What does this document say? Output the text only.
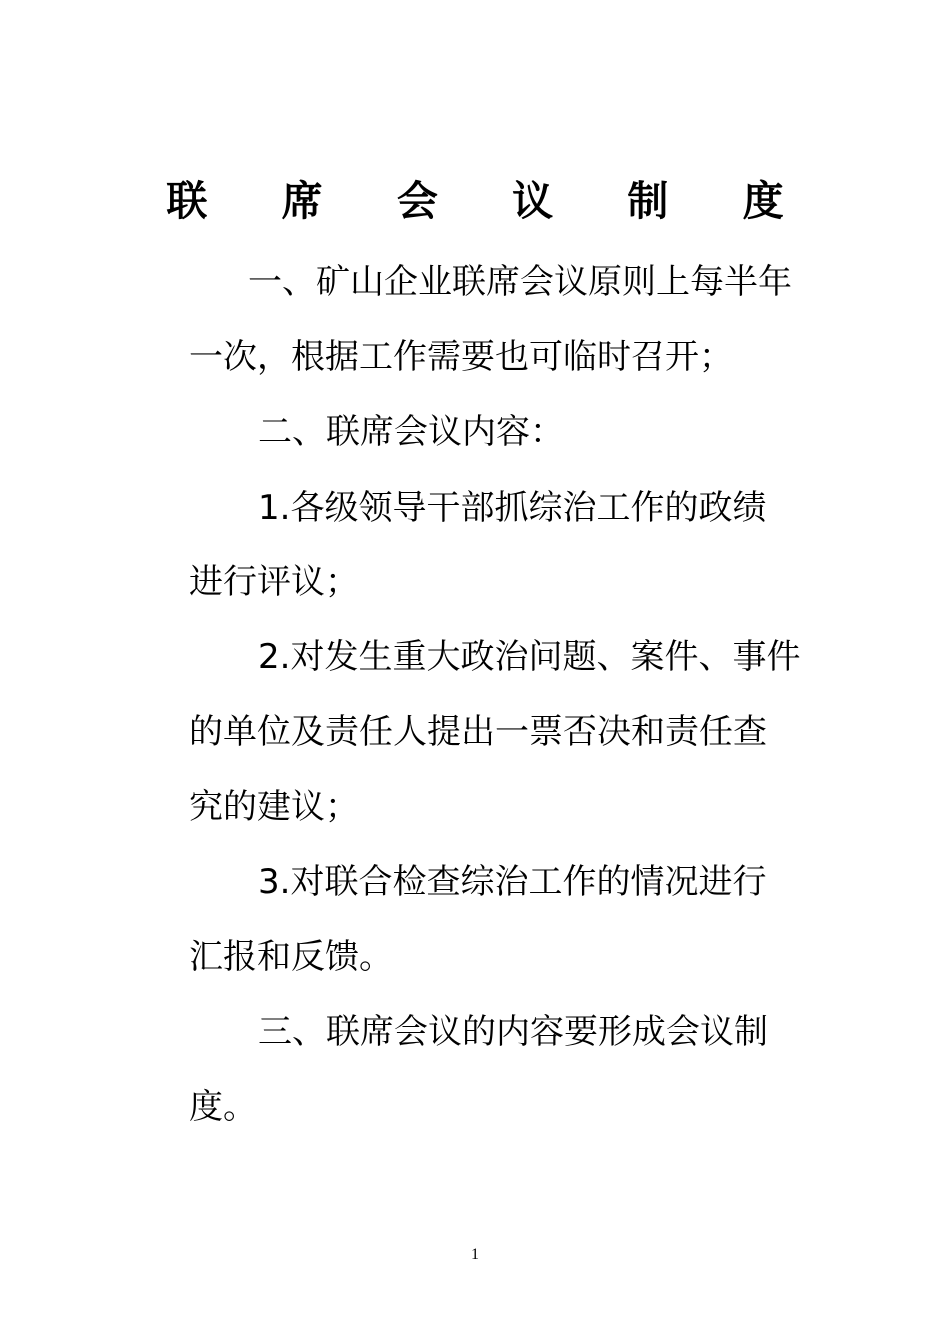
联 席 会 议 制 度
一、矿山企业联席会议原则上每半年
一次，根据工作需要也可临时召开；
二、联席会议内容：
1.各级领导干部抓综治工作的政绩
进行评议；
2.对发生重大政治问题、案件、事件
的单位及责任人提出一票否决和责任查
究的建议；
3.对联合检查综治工作的情况进行
汇报和反馈。
三、联席会议的内容要形成会议制
度。
1
